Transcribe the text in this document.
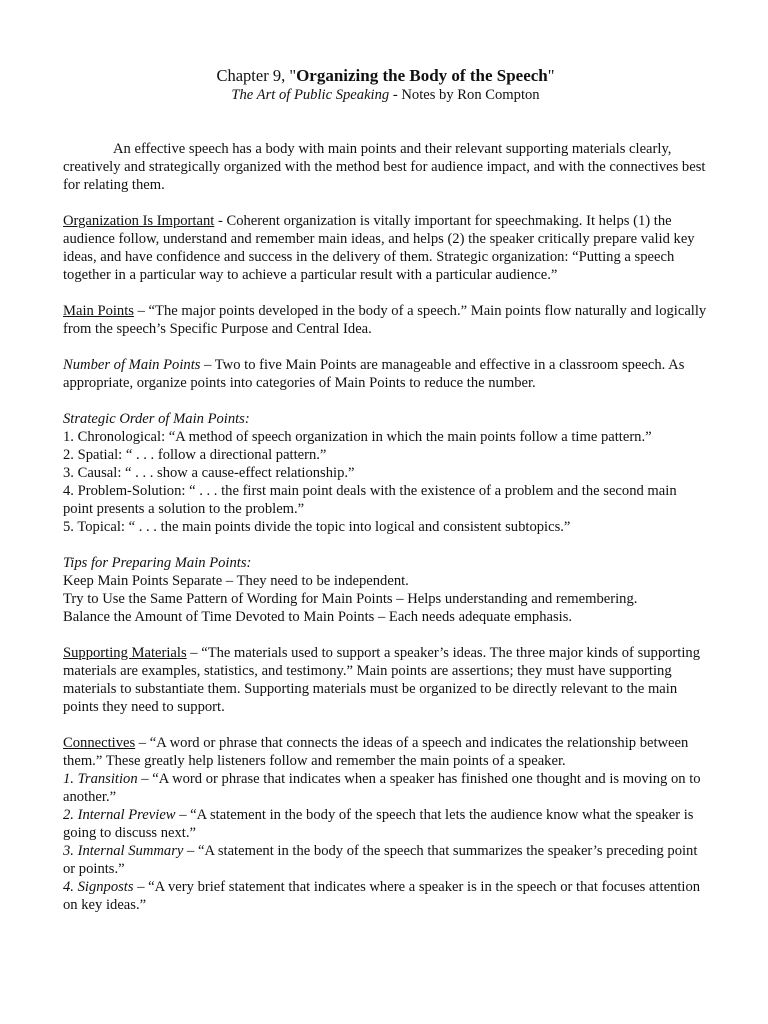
Chapter 9, "Organizing the Body of the Speech"
The Art of Public Speaking - Notes by Ron Compton

An effective speech has a body with main points and their relevant supporting materials clearly, creatively and strategically organized with the method best for audience impact, and with the connectives best for relating them.

Organization Is Important - Coherent organization is vitally important for speechmaking. It helps (1) the audience follow, understand and remember main ideas, and helps (2) the speaker critically prepare valid key ideas, and have confidence and success in the delivery of them. Strategic organization: “Putting a speech together in a particular way to achieve a particular result with a particular audience.”

Main Points – “The major points developed in the body of a speech.” Main points flow naturally and logically from the speech’s Specific Purpose and Central Idea.

Number of Main Points – Two to five Main Points are manageable and effective in a classroom speech. As appropriate, organize points into categories of Main Points to reduce the number.

Strategic Order of Main Points:
1. Chronological: “A method of speech organization in which the main points follow a time pattern.”
2. Spatial: “ . . . follow a directional pattern.”
3. Causal: “ . . . show a cause-effect relationship.”
4. Problem-Solution: “ . . . the first main point deals with the existence of a problem and the second main point presents a solution to the problem.”
5. Topical: “ . . . the main points divide the topic into logical and consistent subtopics.”
Tips for Preparing Main Points:
Keep Main Points Separate – They need to be independent.
Try to Use the Same Pattern of Wording for Main Points – Helps understanding and remembering.
Balance the Amount of Time Devoted to Main Points – Each needs adequate emphasis.

Supporting Materials – “The materials used to support a speaker’s ideas. The three major kinds of supporting materials are examples, statistics, and testimony.” Main points are assertions; they must have supporting materials to substantiate them. Supporting materials must be organized to be directly relevant to the main points they need to support.

Connectives – “A word or phrase that connects the ideas of a speech and indicates the relationship between them.” These greatly help listeners follow and remember the main points of a speaker.
1. Transition – “A word or phrase that indicates when a speaker has finished one thought and is moving on to another.”
2. Internal Preview – “A statement in the body of the speech that lets the audience know what the speaker is going to discuss next.”
3. Internal Summary – “A statement in the body of the speech that summarizes the speaker’s preceding point or points.”
4. Signposts – “A very brief statement that indicates where a speaker is in the speech or that focuses attention on key ideas.”
